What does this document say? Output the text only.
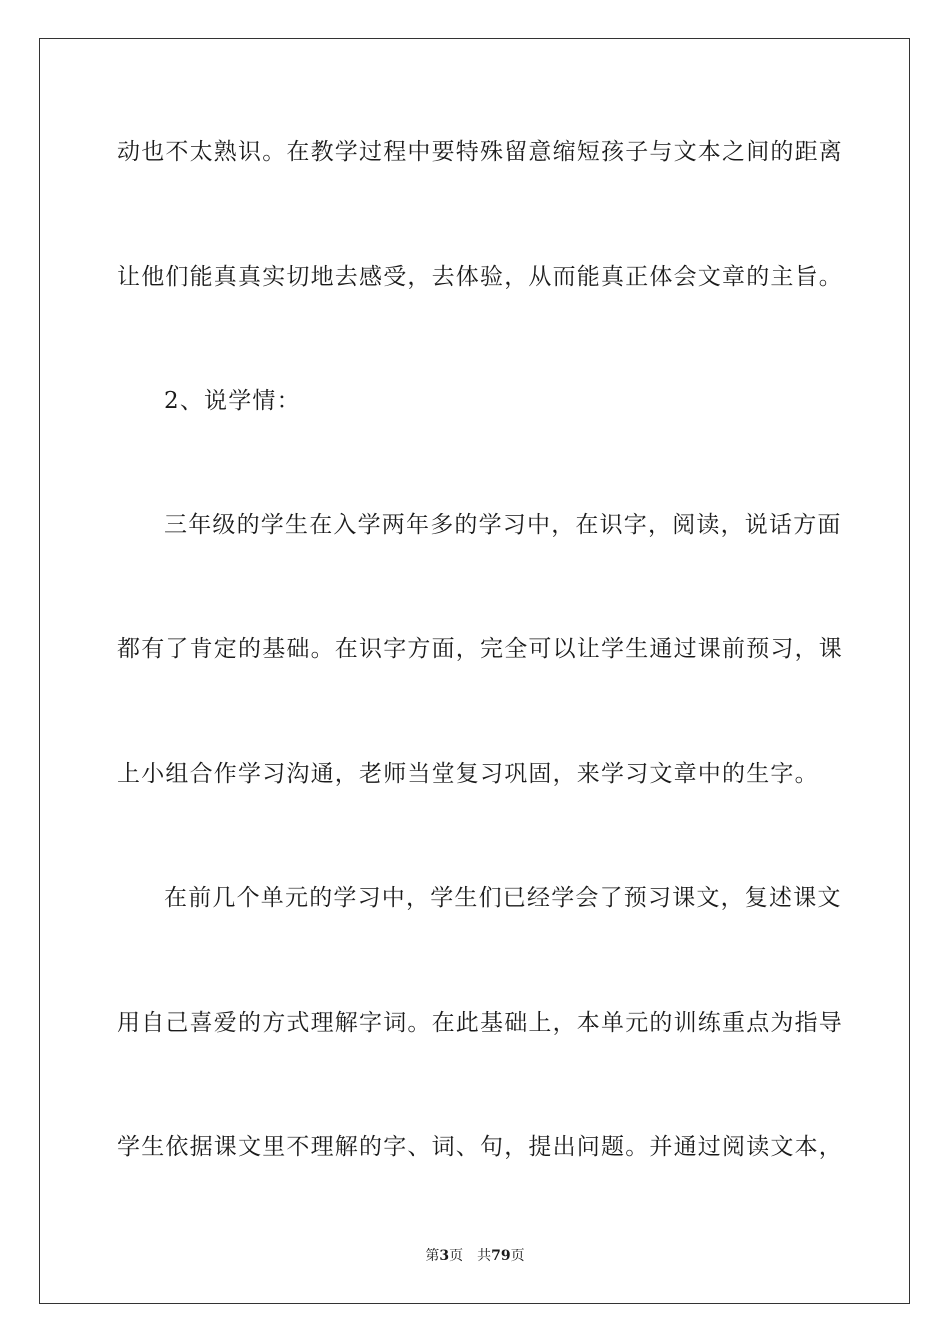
动也不太熟识。在教学过程中要特殊留意缩短孩子与文本之间的距离
让他们能真真实切地去感受，去体验，从而能真正体会文章的主旨。
2、说学情：
三年级的学生在入学两年多的学习中，在识字，阅读，说话方面
都有了肯定的基础。在识字方面，完全可以让学生通过课前预习，课
上小组合作学习沟通，老师当堂复习巩固，来学习文章中的生字。
在前几个单元的学习中，学生们已经学会了预习课文，复述课文
用自己喜爱的方式理解字词。在此基础上，本单元的训练重点为指导
学生依据课文里不理解的字、词、句，提出问题。并通过阅读文本，
第3页 共79页
